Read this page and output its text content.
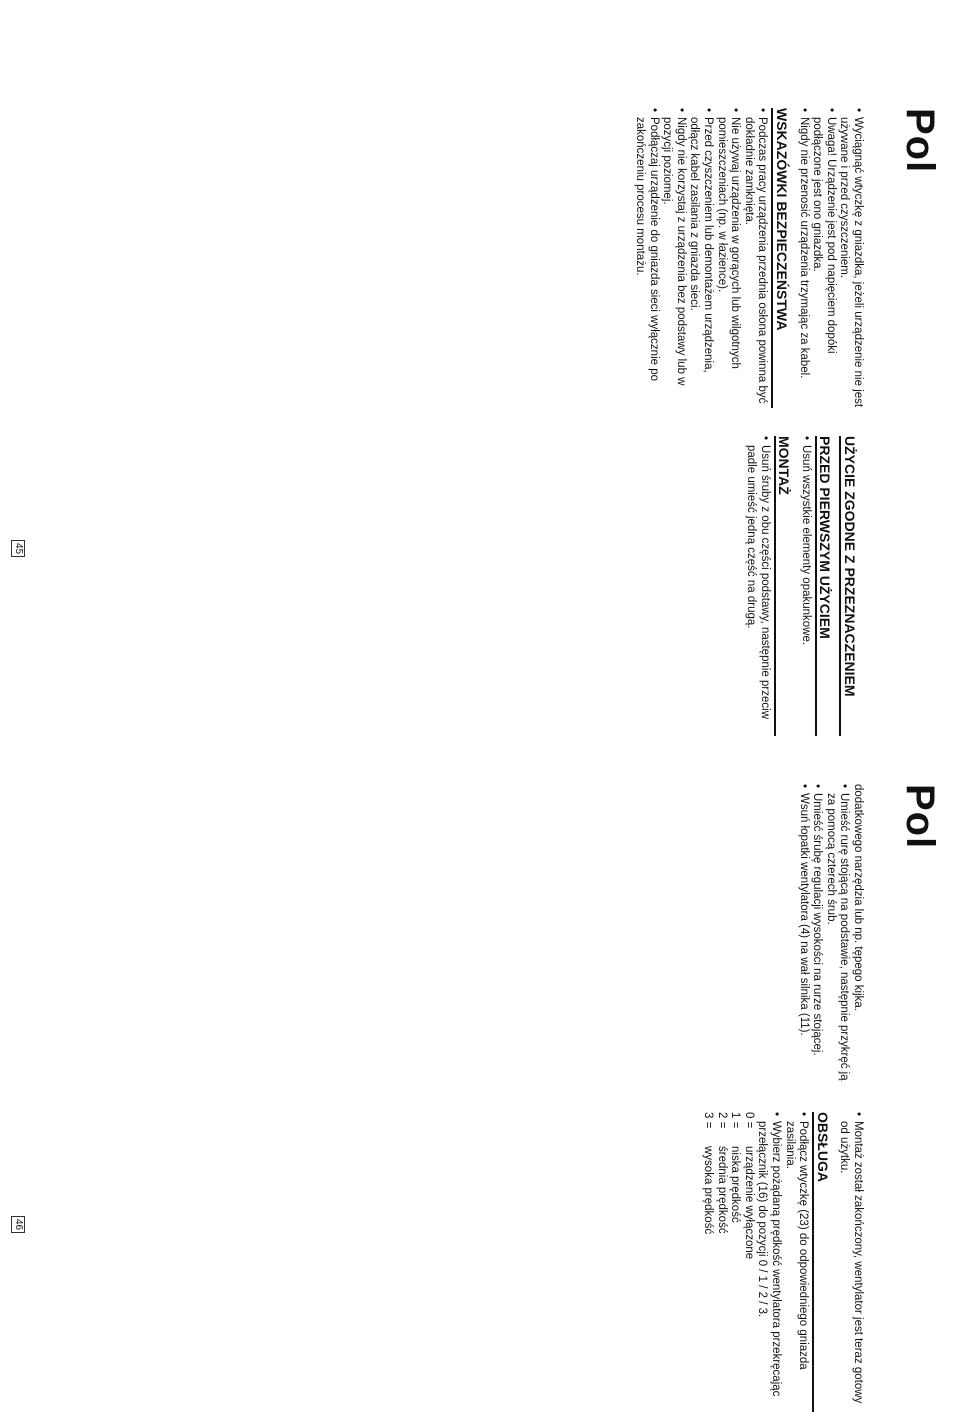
Pol
• Wyciągnąć wtyczkę z gniazdka, jeżeli urządzenie nie jest używane i przed czyszczeniem.
• Uwaga! Urządzenie jest pod napięciem dopóki podłączone jest ono gniazdka.
• Nigdy nie przenosić urządzenia trzymając za kabel.
WSKAZÓWKI BEZPIECZEŃSTWA
• Podczas pracy urządzenia przednia osłona powinna być dokładnie zamknięta.
• Nie używaj urządzenia w gorących lub wilgotnych pomieszczeniach (np. w łazience).
• Przed czyszczeniem lub demontażem urządzenia, odłącz kabel zasilania z gniazda sieci.
• Nigdy nie korzystaj z urządzenia bez podstawy lub w pozycji poziomej.
• Podłączaj urządzenie do gniazda sieci wyłącznie po zakończeniu procesu montażu.
UŻYCIE ZGODNE Z PRZEZNACZENIEM
PRZED PIERWSZYM UŻYCIEM
• Usuń wszystkie elementy opakunkowe.
MONTAŻ
• Usuń śruby z obu części podstawy, następnie przeciw padle umieść jedną część na drugą.
45
Pol
dodatkowego narzędzia lub np. tępego kijka.
• Umieść rurę stojącą na podstawie, następnie przykręć ją za pomocą czterech śrub.
• Umieść śrubę regulacji wysokości na rurze stojącej.
• Wsuń łopatki wentylatora (4) na wał silnika (11).
• Montaż został zakończony, wentylator jest teraz gotowy od użytku.
OBSŁUGA
• Podłącz wtyczkę (23) do odpowiedniego gniazda zasilania.
• Wybierz pożądaną prędkość wentylatora przekręcając przełącznik (16) do pozycji 0 / 1 / 2 / 3.
0 =
urządzenie wyłączone
1 =
niska prędkość
2 =
średnia prędkość
3 =
wysoka prędkość
46
